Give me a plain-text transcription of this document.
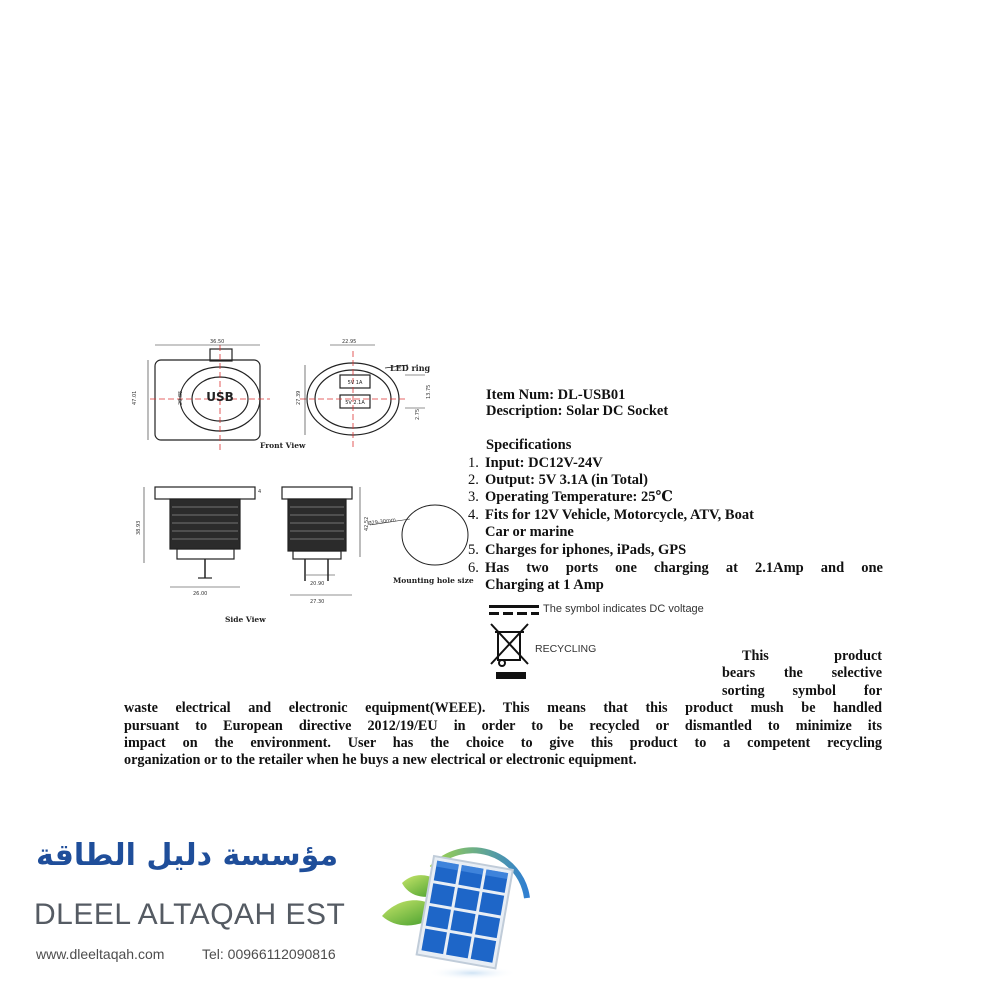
USB
5V 1A
5V 2.1A
LED ring
Front View
Side View
Mounting hole size
Ø29-30mm
36.50
47.01	29.85
22.95
27.39	13.75
2.75
38.93
4
26.00
42.52
20.90
27.30
Item Num: DL-USB01
Description: Solar DC Socket
Specifications
1. Input: DC12V-24V
2. Output: 5V 3.1A (in Total)
3. Operating Temperature: 25℃
4. Fits for 12V Vehicle, Motorcycle, ATV, Boat
Car or marine
5. Charges for iphones, iPads, GPS
6. Has two ports one charging at 2.1Amp and one
Charging at 1 Amp
The symbol indicates DC voltage
RECYCLING	This product
bears the selective
sorting symbol for
waste electrical and electronic equipment(WEEE). This means that this product mush be handled
pursuant to European directive 2012/19/EU in order to be recycled or dismantled to minimize its
impact on the environment. User has the choice to give this product to a competent recycling
organization or to the retailer when he buys a new electrical or electronic equipment.
مؤسسة دليل الطاقة
DLEEL ALTAQAH EST
www.dleeltaqah.com	Tel: 00966112090816
